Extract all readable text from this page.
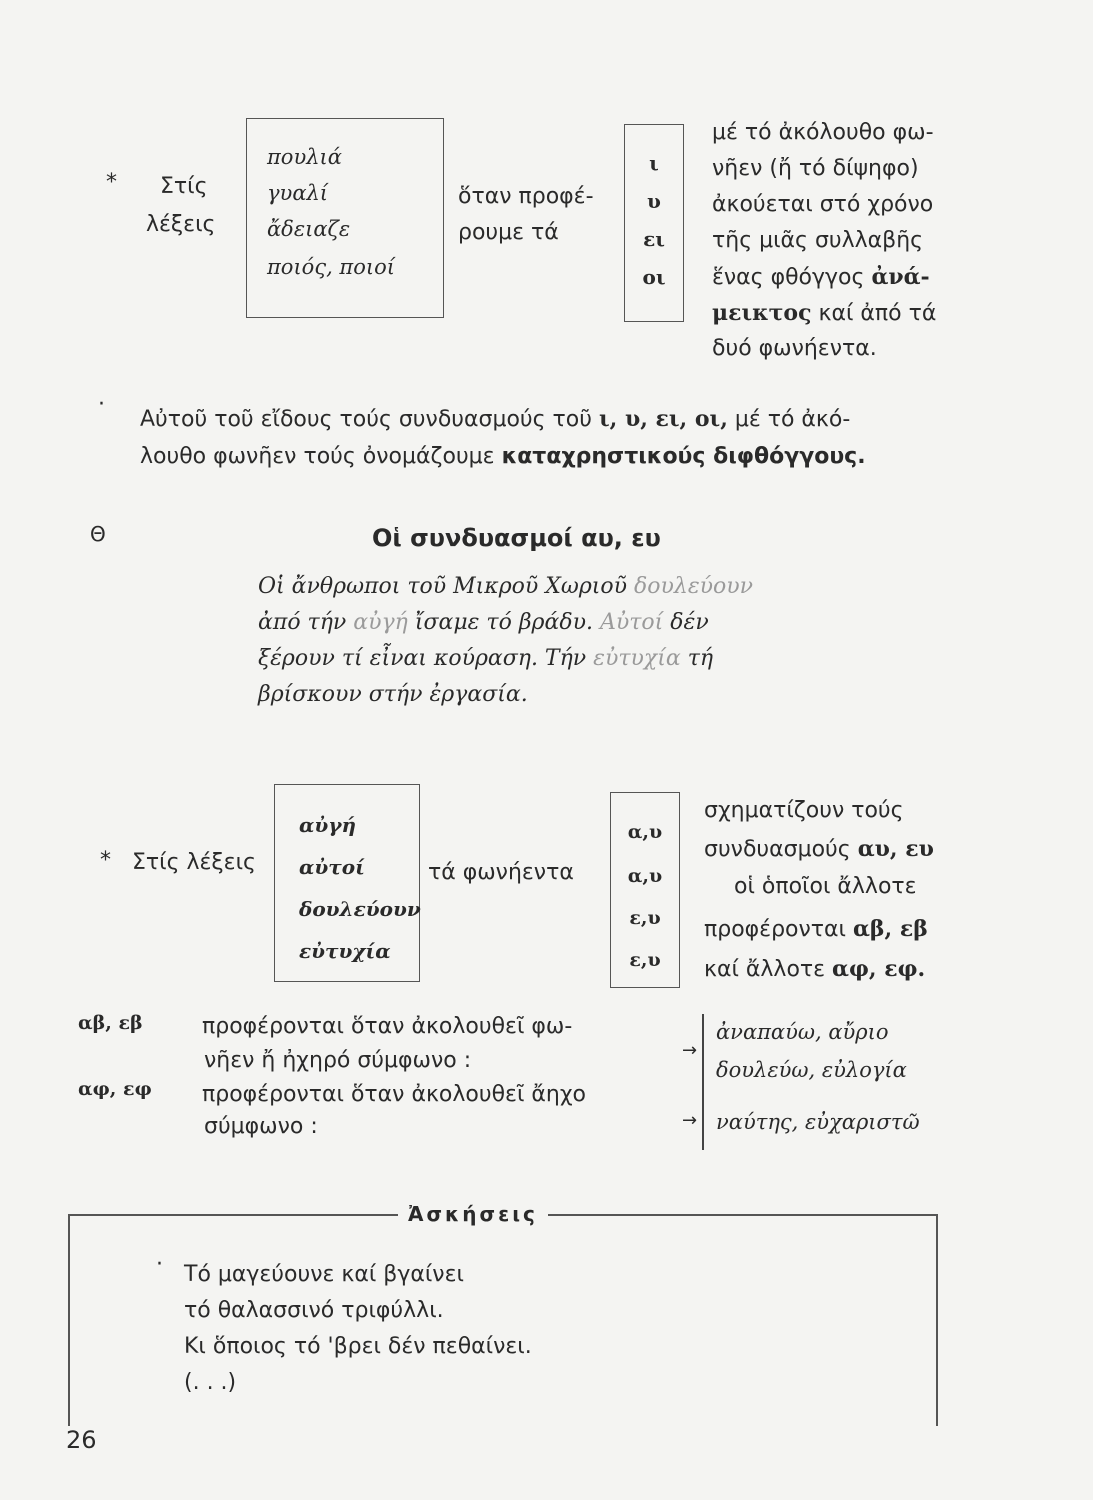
* Στίς
λέξεις
πουλιά
γυαλί
ἄδειαζε
ποιός, ποιοί
ὅταν προφέ-
ρουμε τά
ι
υ
ει
οι
μέ τό ἀκόλουθο φω-
νῆεν (ἤ τό δίψηφο)
ἀκούεται στό χρόνο
τῆς μιᾶς συλλαβῆς
ἕνας φθόγγος ἀνά-
μεικτος καί ἀπό τά
δυό φωνήεντα.
·
Αὐτοῦ τοῦ εἴδους τούς συνδυασμούς τοῦ ι, υ, ει, οι, μέ τό ἀκό-
λουθο φωνῆεν τούς ὀνομάζουμε καταχρηστικούς διφθόγγους.
Θ	Οἱ συνδυασμοί αυ, ευ
Οἱ ἄνθρωποι τοῦ Μικροῦ Χωριοῦ δουλεύουν
ἀπό τήν αὐγή ἴσαμε τό βράδυ. Αὐτοί δέν
ξέρουν τί εἶναι κούραση. Τήν εὐτυχία τή
βρίσκουν στήν ἐργασία.
* Στίς λέξεις
αὐγή
αὐτοί
δουλεύουν
εὐτυχία
τά φωνήεντα
α,υ
α,υ
ε,υ
ε,υ
σχηματίζουν τούς
συνδυασμούς αυ, ευ
οἱ ὁποῖοι ἄλλοτε
προφέρονται αβ, εβ
καί ἄλλοτε αφ, εφ.
αβ, εβ	προφέρονται ὅταν ἀκολουθεῖ φω-
νῆεν ἤ ἠχηρό σύμφωνο :
αφ, εφ προφέρονται ὅταν ἀκολουθεῖ ἄηχο
σύμφωνο :
→
→
ἀναπαύω, αὔριο
δουλεύω, εὐλογία
ναύτης, εὐχαριστῶ
Ἀσκήσεις
· Τό μαγεύουνε καί βγαίνει
τό θαλασσινό τριφύλλι.
Κι ὅποιος τό 'βρει δέν πεθαίνει.
(. . .)
26
